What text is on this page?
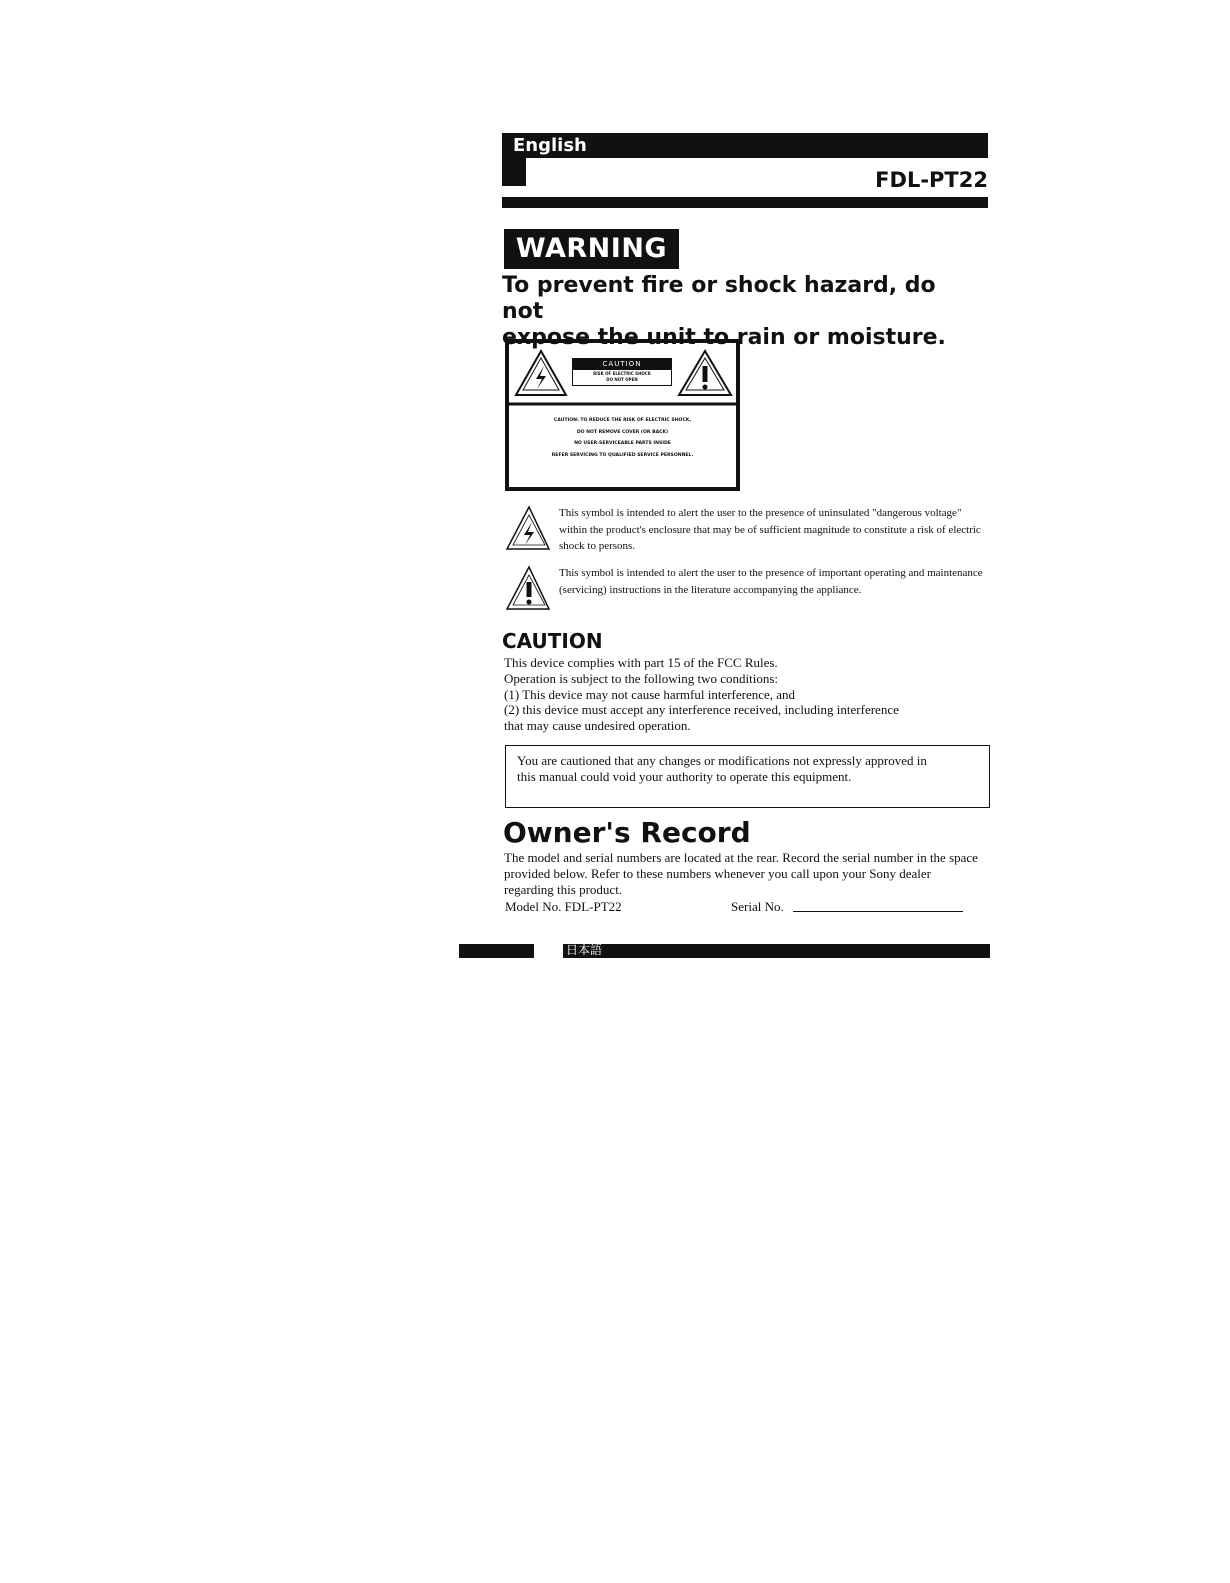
English
FDL-PT22
WARNING
To prevent fire or shock hazard, do not
expose the unit to rain or moisture.
CAUTION
RISK OF ELECTRIC SHOCK
DO NOT OPEN
CAUTION: TO REDUCE THE RISK OF ELECTRIC SHOCK,
DO NOT REMOVE COVER (OR BACK)
NO USER-SERVICEABLE PARTS INSIDE
REFER SERVICING TO QUALIFIED SERVICE PERSONNEL.
This symbol is intended to alert the user to the presence of uninsulated "dangerous voltage" within the product's enclosure that may be of sufficient magnitude to constitute a risk of electric shock to persons.
This symbol is intended to alert the user to the presence of important operating and maintenance (servicing) instructions in the literature accompanying the appliance.
CAUTION
This device complies with part 15 of the FCC Rules.
Operation is subject to the following two conditions:
(1) This device may not cause harmful interference, and
(2) this device must accept any interference received, including interference
that may cause undesired operation.
You are cautioned that any changes or modifications not expressly approved in this manual could void your authority to operate this equipment.
Owner's Record
The model and serial numbers are located at the rear. Record the serial number in the space provided below. Refer to these numbers whenever you call upon your Sony dealer regarding this product.
Model No. FDL-PT22	Serial No.
日本語
